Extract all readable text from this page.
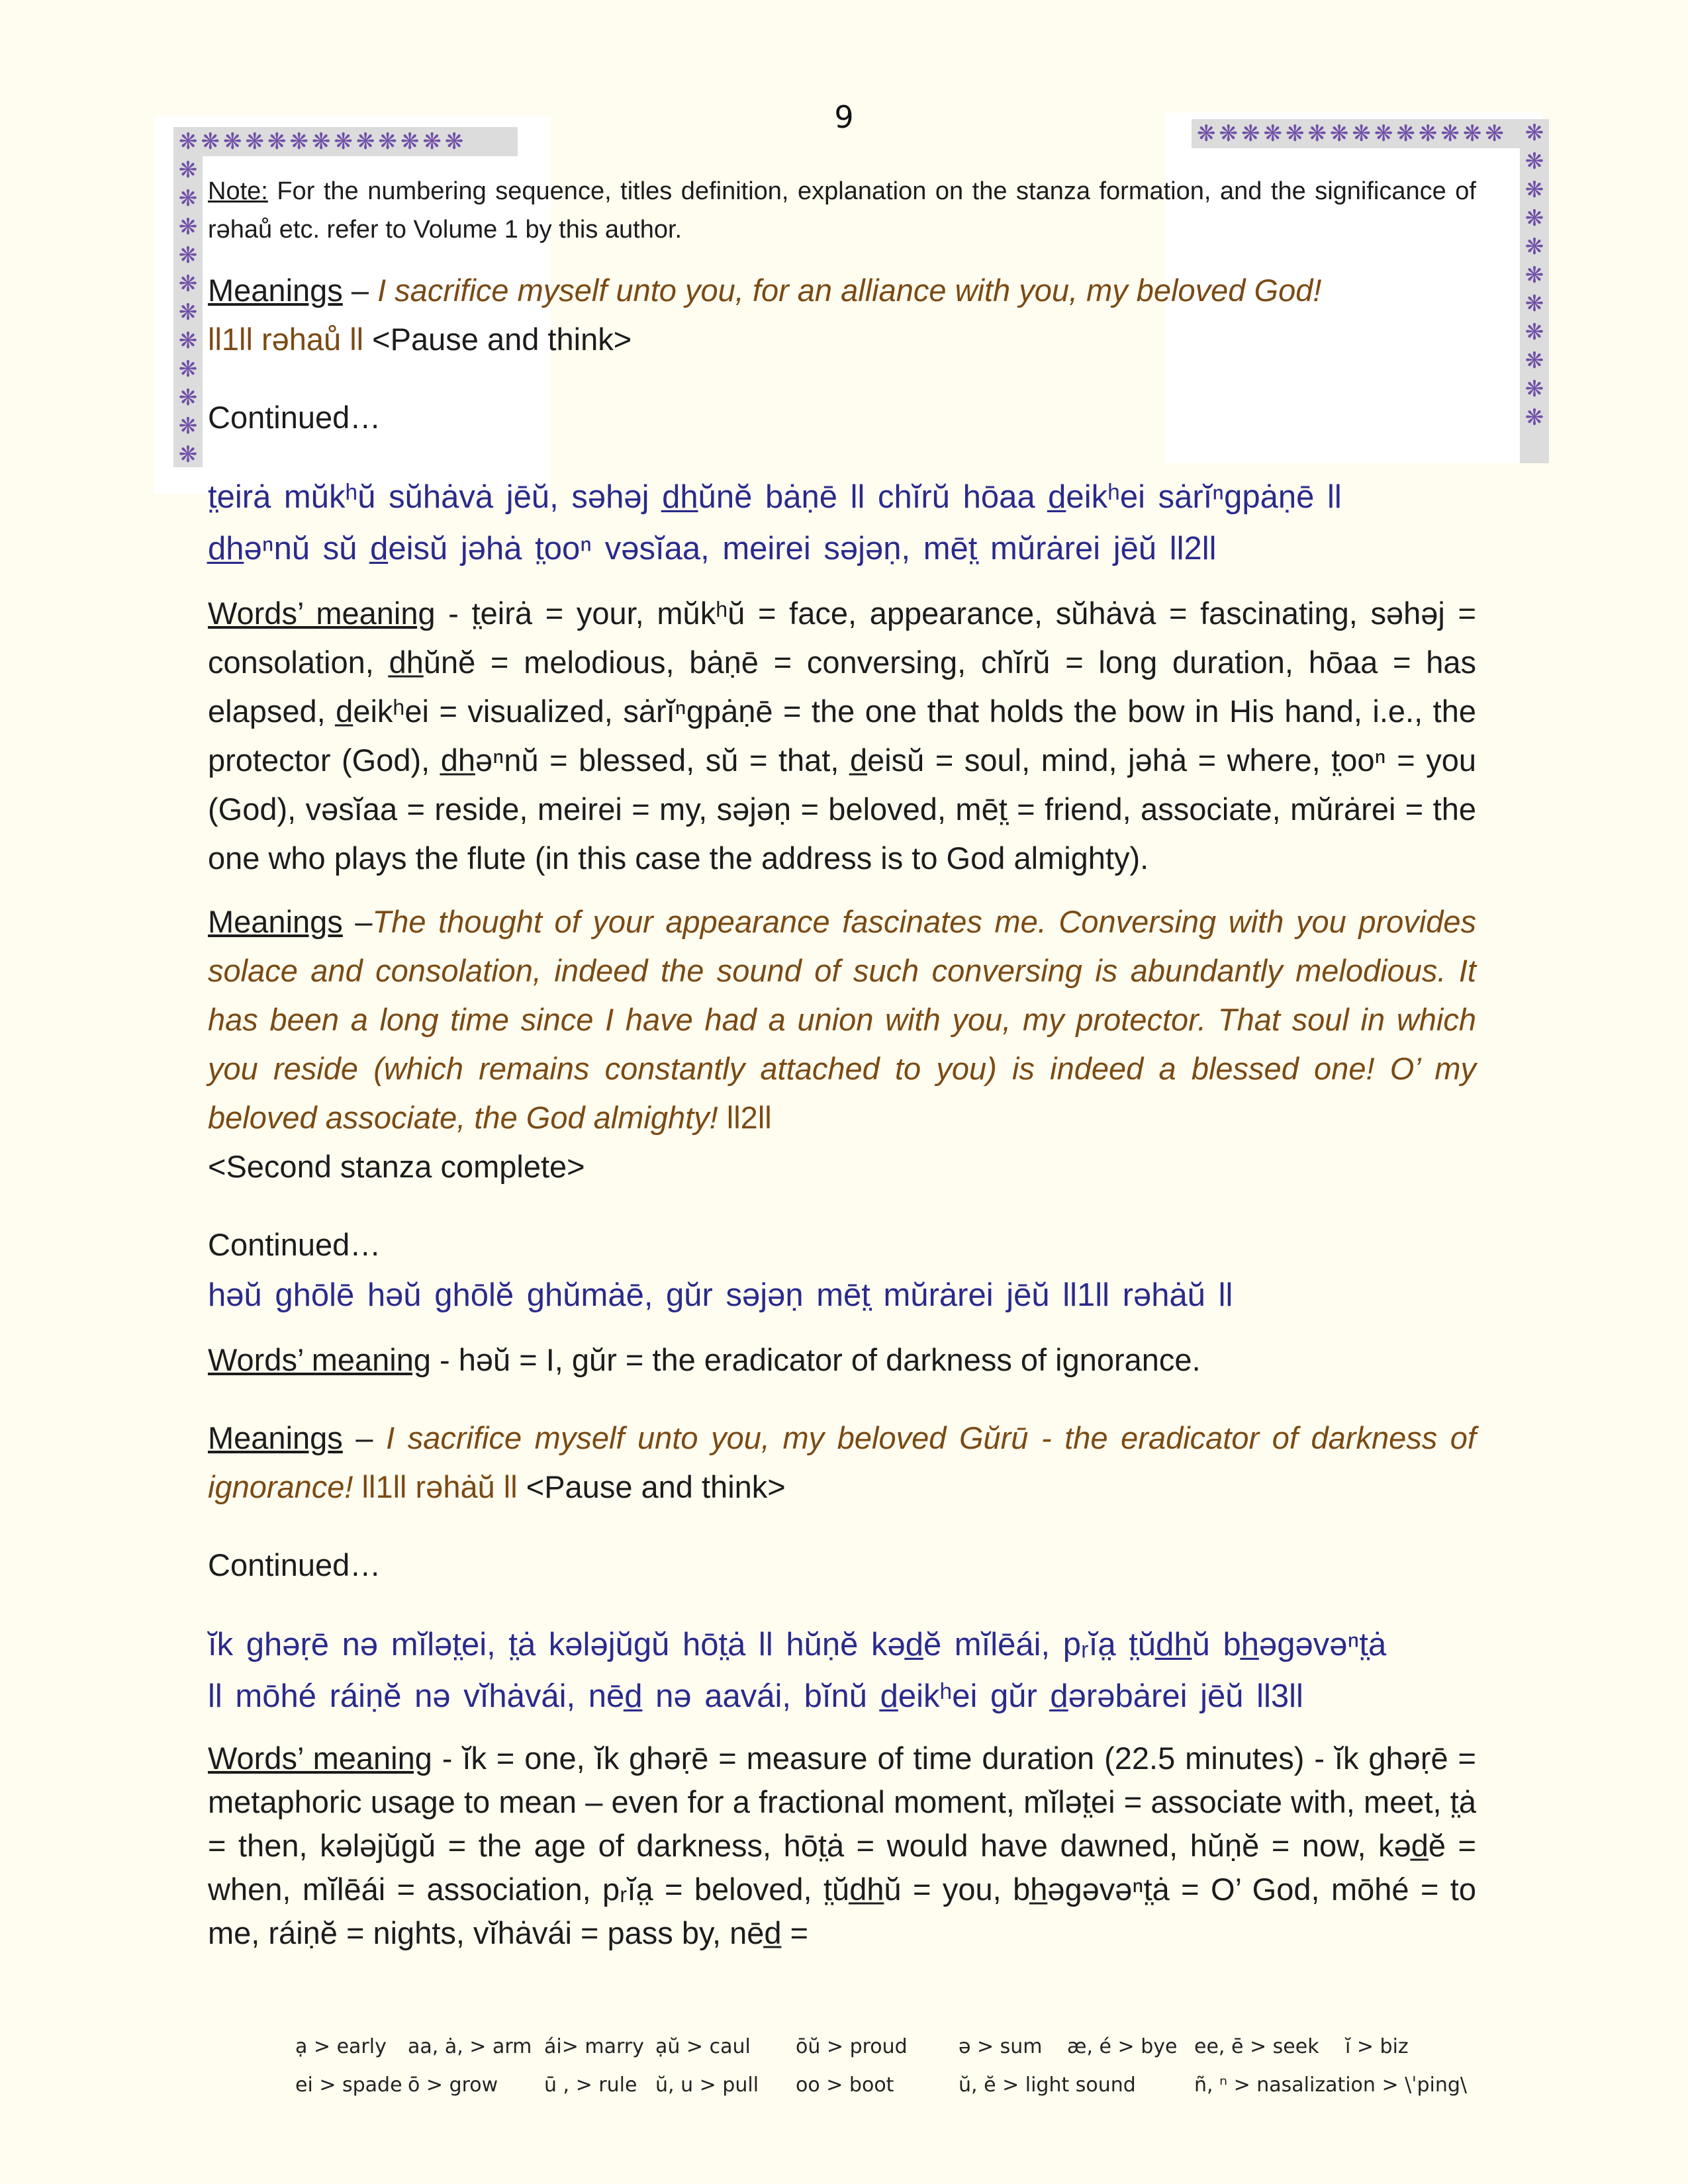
❋❋❋❋❋❋❋❋❋❋❋❋❋
❋❋❋❋❋❋❋❋❋❋❋
❋❋❋❋❋❋❋❋❋❋❋❋❋❋ ❋❋❋❋❋❋❋❋❋❋❋
9

Note: For the numbering sequence, titles definition, explanation on the stanza formation, and the significance of rəhaů etc. refer to Volume 1 by this author.

Meanings – I sacrifice myself unto you, for an alliance with you, my beloved God!
ll1ll rəhaů ll <Pause and think>

Continued…

t̤eirȧ mŭkʰŭ sŭhȧvȧ jēŭ, səhəj d̲h̲ŭnĕ bȧṇē ll chĭrŭ hōaa d̲eikʰei sȧrĭⁿgpȧṇē ll

d̲h̲əⁿnŭ sŭ d̲eisŭ jəhȧ t̤ooⁿ vəsĭaa, meirei səjəṇ, mēt̤ mŭrȧrei jēŭ ll2ll

Words’ meaning - t̤eirȧ = your, mŭkʰŭ = face, appearance, sŭhȧvȧ = fascinating, səhəj = consolation, d̲h̲ŭnĕ = melodious, bȧṇē = conversing, chĭrŭ = long duration, hōaa = has elapsed, d̲eikʰei = visualized, sȧrĭⁿgpȧṇē = the one that holds the bow in His hand, i.e., the protector (God), d̲h̲əⁿnŭ = blessed, sŭ = that, d̲eisŭ = soul, mind, jəhȧ = where, t̤ooⁿ = you (God), vəsĭaa = reside, meirei = my, səjəṇ = beloved, mēt̤ = friend, associate, mŭrȧrei = the one who plays the flute (in this case the address is to God almighty).

Meanings –The thought of your appearance fascinates me. Conversing with you provides solace and consolation, indeed the sound of such conversing is abundantly melodious. It has been a long time since I have had a union with you, my protector. That soul in which you reside (which remains constantly attached to you) is indeed a blessed one! O’ my beloved associate, the God almighty! ll2ll
<Second stanza complete>

Continued…

həŭ ghōlē həŭ ghōlĕ ghŭmȧē, gŭr səjəṇ mēt̤ mŭrȧrei jēŭ ll1ll rəhȧŭ ll

Words’ meaning - həŭ = I, gŭr = the eradicator of darkness of ignorance.

Meanings – I sacrifice myself unto you, my beloved Gŭrū - the eradicator of darkness of ignorance! ll1ll rəhȧŭ ll <Pause and think>

Continued…

ĭk ghəṛē nə mĭlət̤ei, t̤ȧ kələjŭgŭ hōt̤ȧ ll hŭṇĕ kəd̲ĕ mĭlēái, pᵣĭa̤ t̤ŭd̲h̲ŭ bh̲əgəvəⁿt̤ȧ

ll mōhé ráiṇĕ nə vĭhȧvái, nēd̲ nə aavái, bĭnŭ d̲eikʰei gŭr d̲ərəbȧrei jēŭ ll3ll

Words’ meaning - ĭk = one, ĭk ghəṛē = measure of time duration (22.5 minutes) - ĭk ghəṛē = metaphoric usage to mean – even for a fractional moment, mĭlət̤ei = associate with, meet, t̤ȧ = then, kələjŭgŭ = the age of darkness, hōt̤ȧ = would have dawned, hŭṇĕ = now, kəd̲ĕ = when, mĭlēái = association, pᵣĭa̤ = beloved, t̤ŭd̲h̲ŭ = you, bh̲əgəvəⁿt̤ȧ = O’ God, mōhé = to me, ráiṇĕ = nights, vĭhȧvái = pass by, nēd̲ =

ạ > early	aa, ȧ, > arm ái> marry ạŭ > caul	ōŭ > proud	ə > sum	æ, é > bye ee, ē > seek	ĭ > biz
ei > spade ō > grow	ū , > rule ŭ, u > pull	oo > boot	ŭ, ĕ > light sound	ñ, ⁿ > nasalization > \ˈping\
